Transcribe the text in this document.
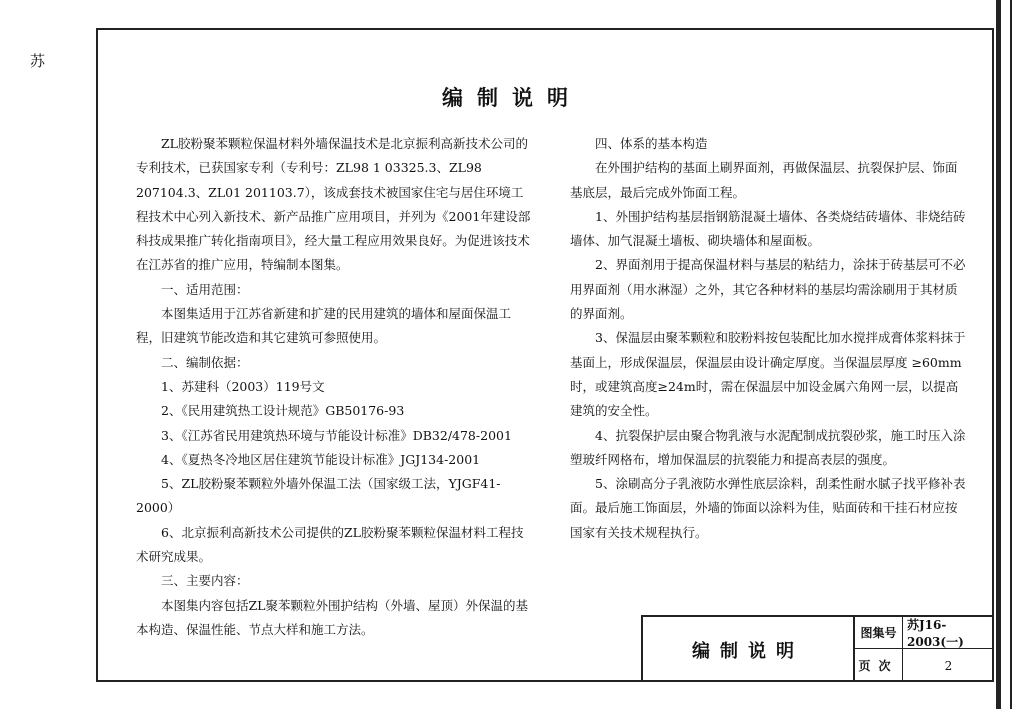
苏
编制说明

ZL胶粉聚苯颗粒保温材料外墙保温技术是北京振利高新技术公司的专利技术，已获国家专利（专利号：ZL98 1 03325.3、ZL98 207104.3、ZL01 201103.7），该成套技术被国家住宅与居住环境工程技术中心列入新技术、新产品推广应用项目，并列为《2001年建设部科技成果推广转化指南项目》，经大量工程应用效果良好。为促进该技术在江苏省的推广应用，特编制本图集。

一、适用范围：

本图集适用于江苏省新建和扩建的民用建筑的墙体和屋面保温工程，旧建筑节能改造和其它建筑可参照使用。

二、编制依据：

1、苏建科（2003）119号文

2、《民用建筑热工设计规范》GB50176-93

3、《江苏省民用建筑热环境与节能设计标准》DB32/478-2001

4、《夏热冬冷地区居住建筑节能设计标准》JGJ134-2001

5、ZL胶粉聚苯颗粒外墙外保温工法（国家级工法，YJGF41-2000）

6、北京振利高新技术公司提供的ZL胶粉聚苯颗粒保温材料工程技术研究成果。

三、主要内容：

本图集内容包括ZL聚苯颗粒外围护结构（外墙、屋顶）外保温的基本构造、保温性能、节点大样和施工方法。

四、体系的基本构造

在外围护结构的基面上刷界面剂，再做保温层、抗裂保护层、饰面基底层，最后完成外饰面工程。

1、外围护结构基层指钢筋混凝土墙体、各类烧结砖墙体、非烧结砖墙体、加气混凝土墙板、砌块墙体和屋面板。

2、界面剂用于提高保温材料与基层的粘结力，涂抹于砖基层可不必用界面剂（用水淋湿）之外，其它各种材料的基层均需涂刷用于其材质的界面剂。

3、保温层由聚苯颗粒和胶粉料按包装配比加水搅拌成膏体浆料抹于基面上，形成保温层，保温层由设计确定厚度。当保温层厚度 ≥60mm时，或建筑高度≥24m时，需在保温层中加设金属六角网一层，以提高建筑的安全性。

4、抗裂保护层由聚合物乳液与水泥配制成抗裂砂浆，施工时压入涂塑玻纤网格布，增加保温层的抗裂能力和提高表层的强度。

5、涂刷高分子乳液防水弹性底层涂料，刮柔性耐水腻子找平修补表面。最后施工饰面层，外墙的饰面以涂料为佳，贴面砖和干挂石材应按国家有关技术规程执行。

编制说明
图集号
苏J16-2003(一)
页次	2
